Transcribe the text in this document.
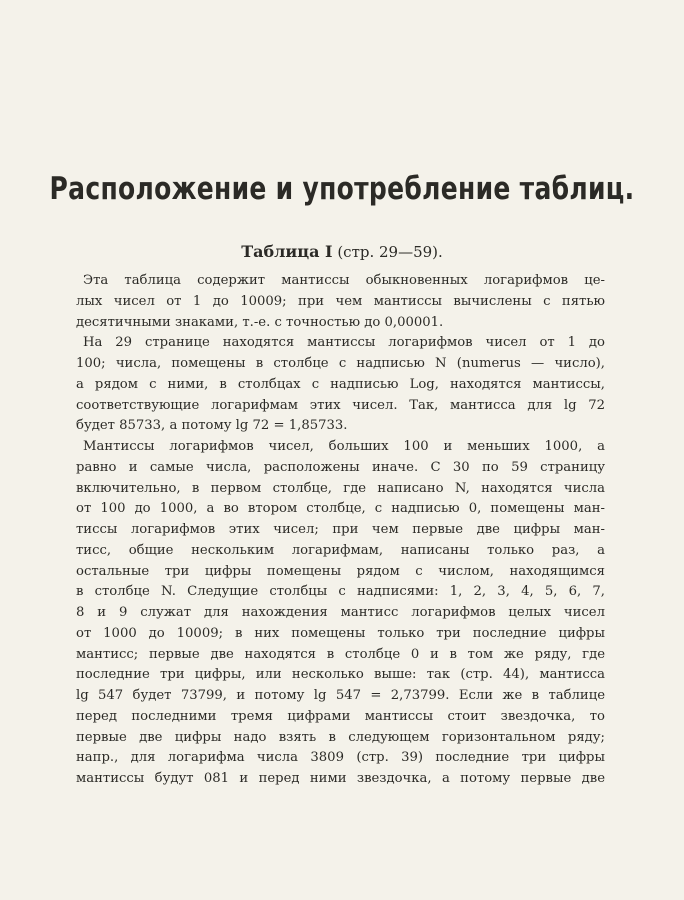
Расположение и употребление таблиц.
Таблица I (стр. 29—59).
Эта таблица содержит мантиссы обыкновенных логарифмов це-
лых чисел от 1 до 10009; при чем мантиссы вычислены с пятью
десятичными знаками, т.-е. с точностью до 0,00001.
На 29 странице находятся мантиссы логарифмов чисел от 1 до
100; числа, помещены в столбце с надписью N (numerus — число),
а рядом с ними, в столбцах с надписью Log, находятся мантиссы,
соответствующие логарифмам этих чисел. Так, мантисса для lg 72
будет 85733, а потому lg 72 = 1,85733.
Мантиссы логарифмов чисел, больших 100 и меньших 1000, а
равно и самые числа, расположены иначе. С 30 по 59 страницу
включительно, в первом столбце, где написано N, находятся числа
от 100 до 1000, а во втором столбце, с надписью 0, помещены ман-
тиссы логарифмов этих чисел; при чем первые две цифры ман-
тисс, общие нескольким логарифмам, написаны только раз, а
остальные три цифры помещены рядом с числом, находящимся
в столбце N. Следущие столбцы с надписями: 1, 2, 3, 4, 5, 6, 7,
8 и 9 служат для нахождения мантисс логарифмов целых чисел
от 1000 до 10009; в них помещены только три последние цифры
мантисс; первые две находятся в столбце 0 и в том же ряду, где
последние три цифры, или несколько выше: так (стр. 44), мантисса
lg 547 будет 73799, и потому lg 547 = 2,73799. Если же в таблице
перед последними тремя цифрами мантиссы стоит звездочка, то
первые две цифры надо взять в следующем горизонтальном ряду;
напр., для логарифма числа 3809 (стр. 39) последние три цифры
мантиссы будут 081 и перед ними звездочка, а потому первые две
